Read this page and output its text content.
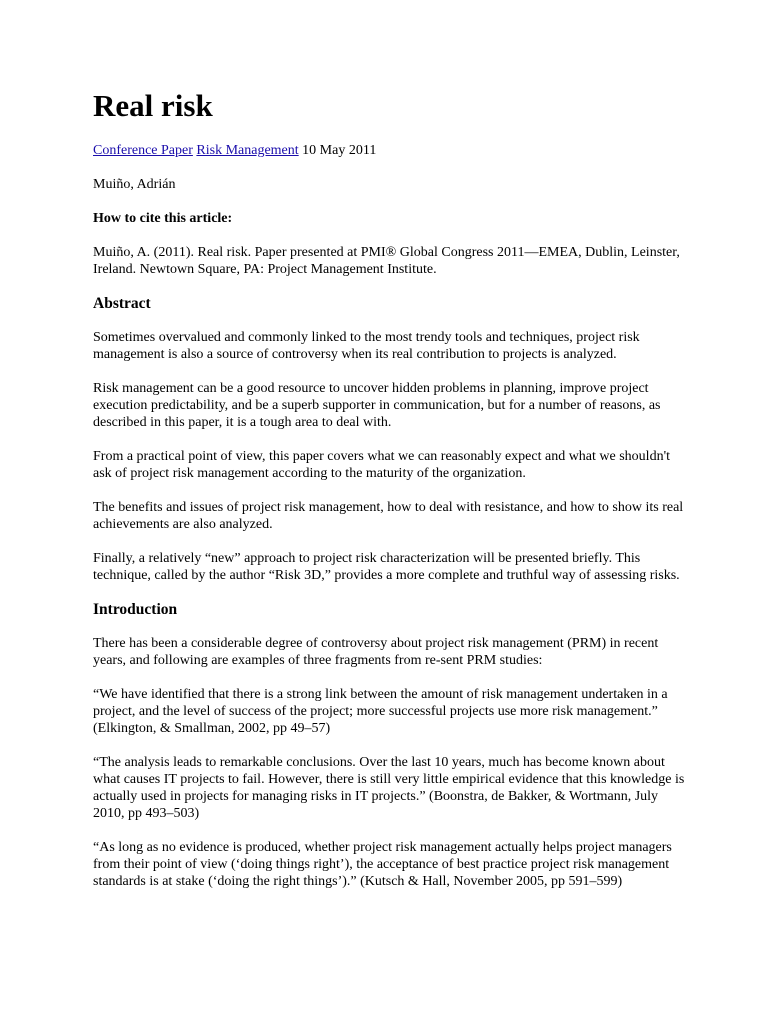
Real risk
Conference Paper Risk Management 10 May 2011

Muiño, Adrián

How to cite this article:

Muiño, A. (2011). Real risk. Paper presented at PMI® Global Congress 2011—EMEA, Dublin, Leinster, Ireland. Newtown Square, PA: Project Management Institute.

Abstract

Sometimes overvalued and commonly linked to the most trendy tools and techniques, project risk management is also a source of controversy when its real contribution to projects is analyzed.

Risk management can be a good resource to uncover hidden problems in planning, improve project execution predictability, and be a superb supporter in communication, but for a number of reasons, as described in this paper, it is a tough area to deal with.

From a practical point of view, this paper covers what we can reasonably expect and what we shouldn't ask of project risk management according to the maturity of the organization.

The benefits and issues of project risk management, how to deal with resistance, and how to show its real achievements are also analyzed.

Finally, a relatively “new” approach to project risk characterization will be presented briefly. This technique, called by the author “Risk 3D,” provides a more complete and truthful way of assessing risks.

Introduction

There has been a considerable degree of controversy about project risk management (PRM) in recent years, and following are examples of three fragments from re-sent PRM studies:

“We have identified that there is a strong link between the amount of risk management undertaken in a project, and the level of success of the project; more successful projects use more risk management.” (Elkington, & Smallman, 2002, pp 49–57)

“The analysis leads to remarkable conclusions. Over the last 10 years, much has become known about what causes IT projects to fail. However, there is still very little empirical evidence that this knowledge is actually used in projects for managing risks in IT projects.” (Boonstra, de Bakker, & Wortmann, July 2010, pp 493–503)

“As long as no evidence is produced, whether project risk management actually helps project managers from their point of view (‘doing things right’), the acceptance of best practice project risk management standards is at stake (‘doing the right things’).” (Kutsch & Hall, November 2005, pp 591–599)
